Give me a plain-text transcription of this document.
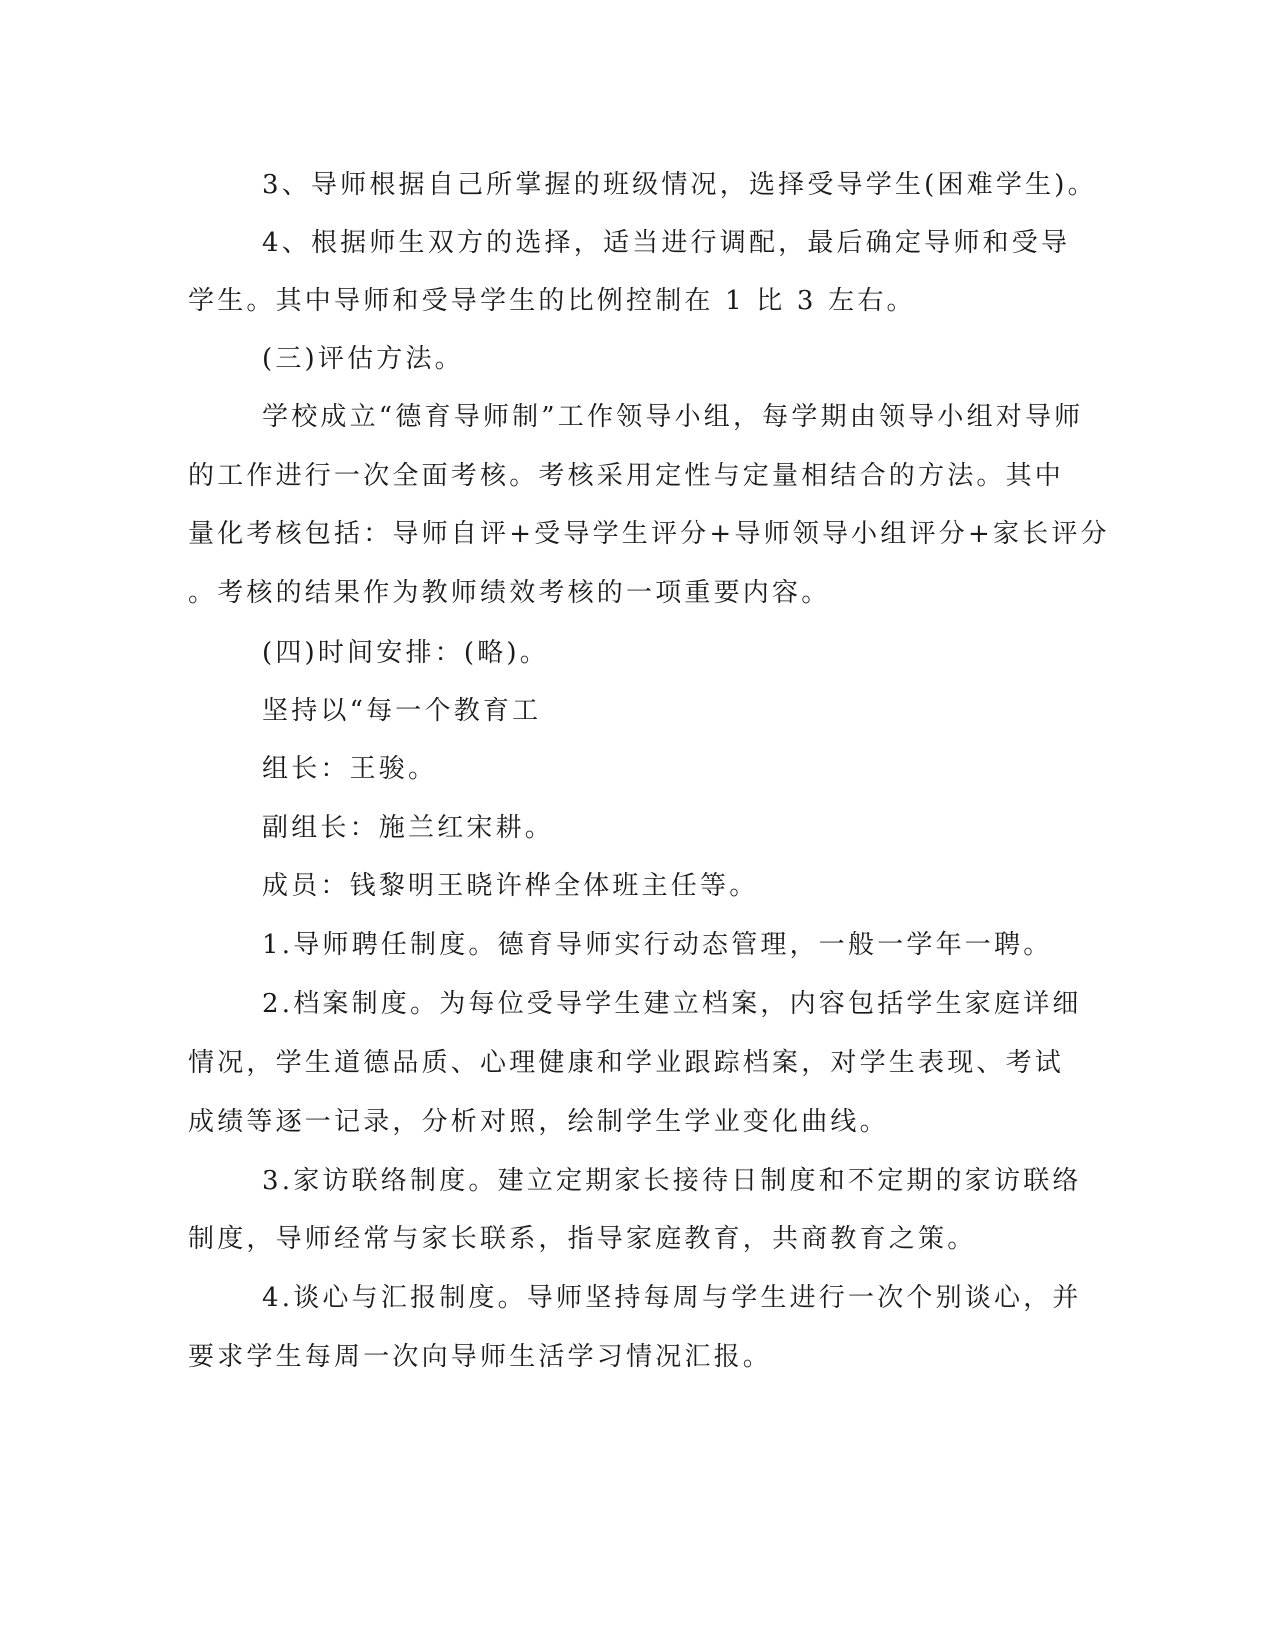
3、导师根据自己所掌握的班级情况，选择受导学生(困难学生)。
4、根据师生双方的选择，适当进行调配，最后确定导师和受导
学生。其中导师和受导学生的比例控制在 1 比 3 左右。
(三)评估方法。
学校成立“德育导师制”工作领导小组，每学期由领导小组对导师
的工作进行一次全面考核。考核采用定性与定量相结合的方法。其中
量化考核包括：导师自评+受导学生评分+导师领导小组评分+家长评分
。考核的结果作为教师绩效考核的一项重要内容。
(四)时间安排：(略)。
坚持以“每一个教育工
组长：王骏。
副组长：施兰红宋耕。
成员：钱黎明王晓许桦全体班主任等。
1.导师聘任制度。德育导师实行动态管理，一般一学年一聘。
2.档案制度。为每位受导学生建立档案，内容包括学生家庭详细
情况，学生道德品质、心理健康和学业跟踪档案，对学生表现、考试
成绩等逐一记录，分析对照，绘制学生学业变化曲线。
3.家访联络制度。建立定期家长接待日制度和不定期的家访联络
制度，导师经常与家长联系，指导家庭教育，共商教育之策。
4.谈心与汇报制度。导师坚持每周与学生进行一次个别谈心，并
要求学生每周一次向导师生活学习情况汇报。
